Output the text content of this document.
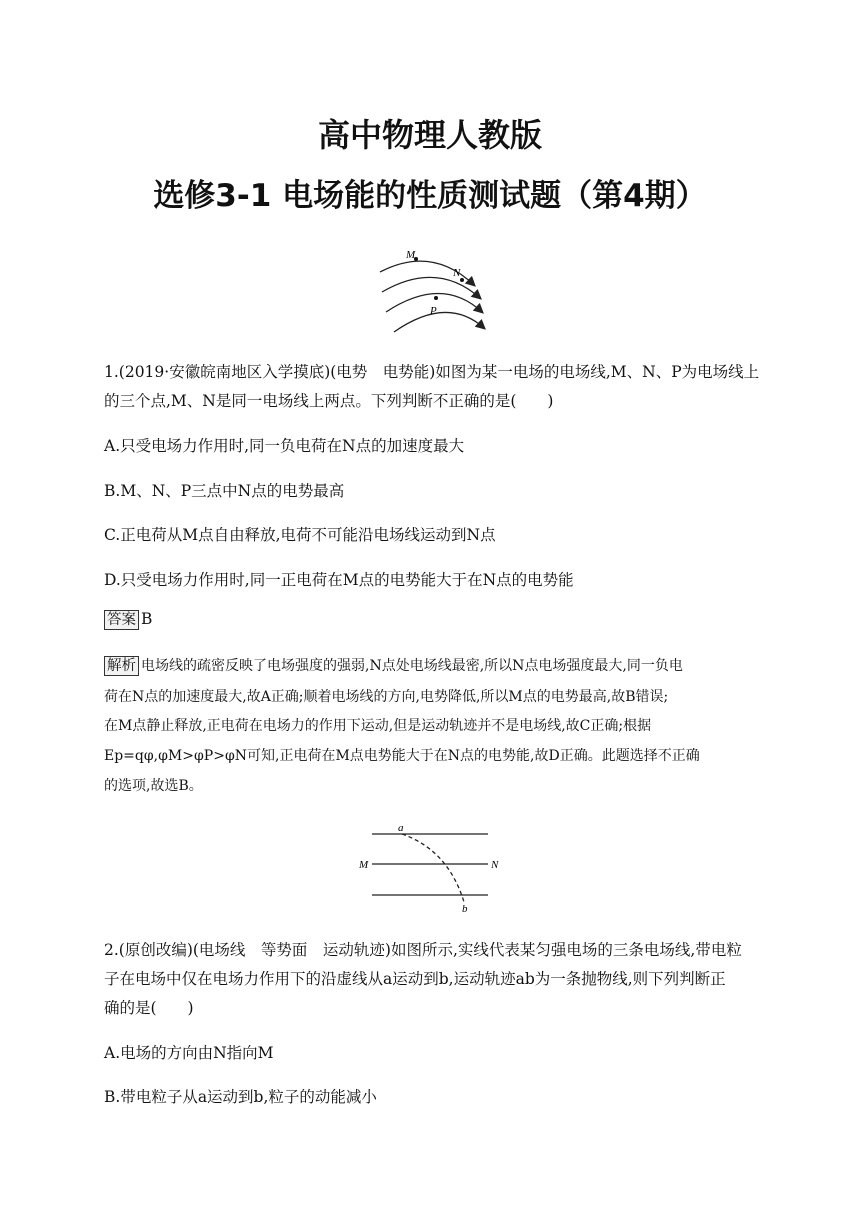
高中物理人教版
选修3-1 电场能的性质测试题（第4期）
M
N
P
1.(2019·安徽皖南地区入学摸底)(电势　电势能)如图为某一电场的电场线,M、N、P为电场线上
的三个点,M、N是同一电场线上两点。下列判断不正确的是(　　)
A.只受电场力作用时,同一负电荷在N点的加速度最大
B.M、N、P三点中N点的电势最高
C.正电荷从M点自由释放,电荷不可能沿电场线运动到N点
D.只受电场力作用时,同一正电荷在M点的电势能大于在N点的电势能
答案 B
解析 电场线的疏密反映了电场强度的强弱,N点处电场线最密,所以N点电场强度最大,同一负电
荷在N点的加速度最大,故A正确;顺着电场线的方向,电势降低,所以M点的电势最高,故B错误;
在M点静止释放,正电荷在电场力的作用下运动,但是运动轨迹并不是电场线,故C正确;根据
Ep=qφ,φM>φP>φN可知,正电荷在M点电势能大于在N点的电势能,故D正确。此题选择不正确
的选项,故选B。
a
b
M	N
2.(原创改编)(电场线　等势面　运动轨迹)如图所示,实线代表某匀强电场的三条电场线,带电粒
子在电场中仅在电场力作用下的沿虚线从a运动到b,运动轨迹ab为一条抛物线,则下列判断正
确的是(　　)
A.电场的方向由N指向M
B.带电粒子从a运动到b,粒子的动能减小
